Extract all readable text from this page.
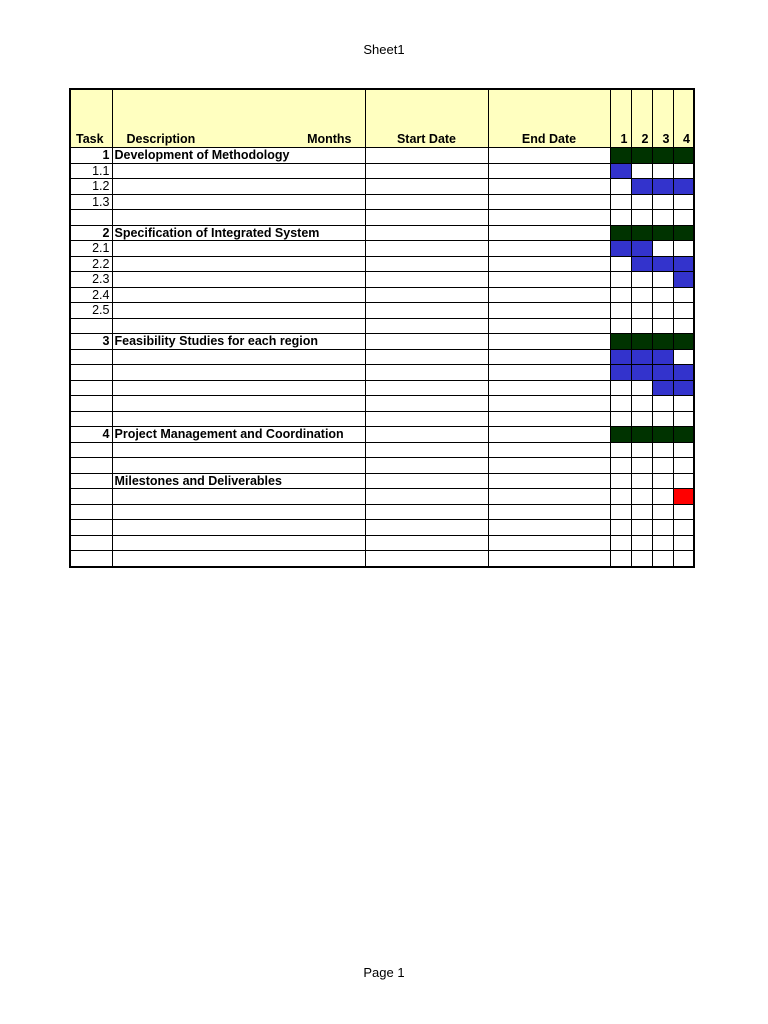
Sheet1
Task	Description Months	Start Date	End Date	1	2	3	4
1	Development of Methodology						
1.1							
1.2							
1.3							

2	Specification of Integrated System						
2.1							
2.2							
2.3							
2.4							
2.5							

3	Feasibility Studies for each region						

4	Project Management and Coordination						

	Milestones and Deliverables						

Page 1
